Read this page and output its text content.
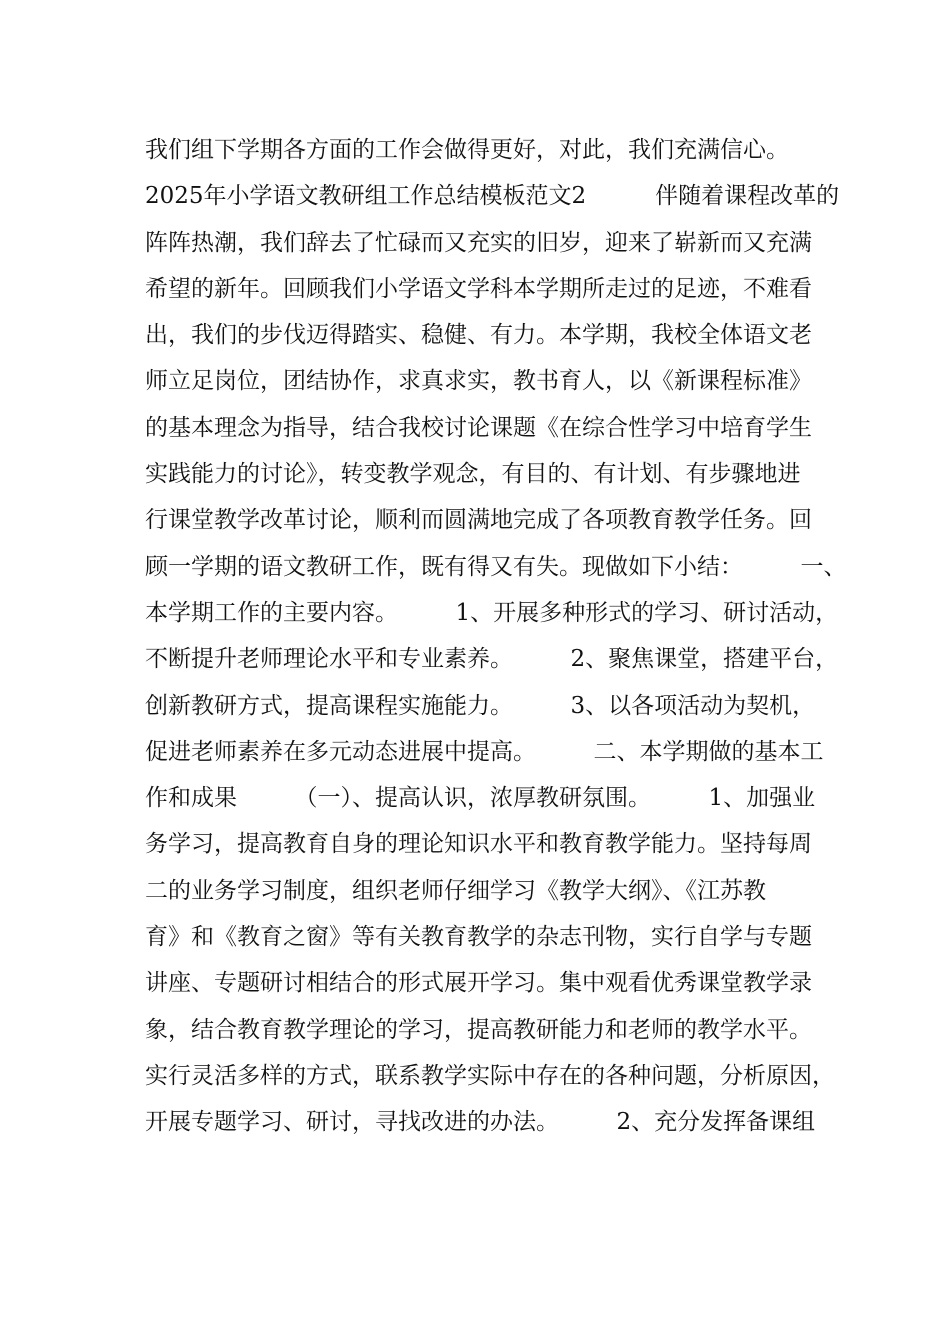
我们组下学期各方面的工作会做得更好，对此，我们充满信心。
2025年小学语文教研组工作总结模板范文2　　　伴随着课程改革的
阵阵热潮，我们辞去了忙碌而又充实的旧岁，迎来了崭新而又充满
希望的新年。回顾我们小学语文学科本学期所走过的足迹，不难看
出，我们的步伐迈得踏实、稳健、有力。本学期，我校全体语文老
师立足岗位，团结协作，求真求实，教书育人，以《新课程标准》
的基本理念为指导，结合我校讨论课题《在综合性学习中培育学生
实践能力的讨论》，转变教学观念，有目的、有计划、有步骤地进
行课堂教学改革讨论，顺利而圆满地完成了各项教育教学任务。回
顾一学期的语文教研工作，既有得又有失。现做如下小结：　　　一、
本学期工作的主要内容。　　　1、开展多种形式的学习、研讨活动，
不断提升老师理论水平和专业素养。　　　2、聚焦课堂，搭建平台，
创新教研方式，提高课程实施能力。　　　3、以各项活动为契机，
促进老师素养在多元动态进展中提高。　　　二、本学期做的基本工
作和成果　　　（一）、提高认识，浓厚教研氛围。　　　1、加强业
务学习，提高教育自身的理论知识水平和教育教学能力。坚持每周
二的业务学习制度，组织老师仔细学习《教学大纲》、《江苏教
育》和《教育之窗》等有关教育教学的杂志刊物，实行自学与专题
讲座、专题研讨相结合的形式展开学习。集中观看优秀课堂教学录
象，结合教育教学理论的学习，提高教研能力和老师的教学水平。
实行灵活多样的方式，联系教学实际中存在的各种问题，分析原因，
开展专题学习、研讨，寻找改进的办法。　　　2、充分发挥备课组
